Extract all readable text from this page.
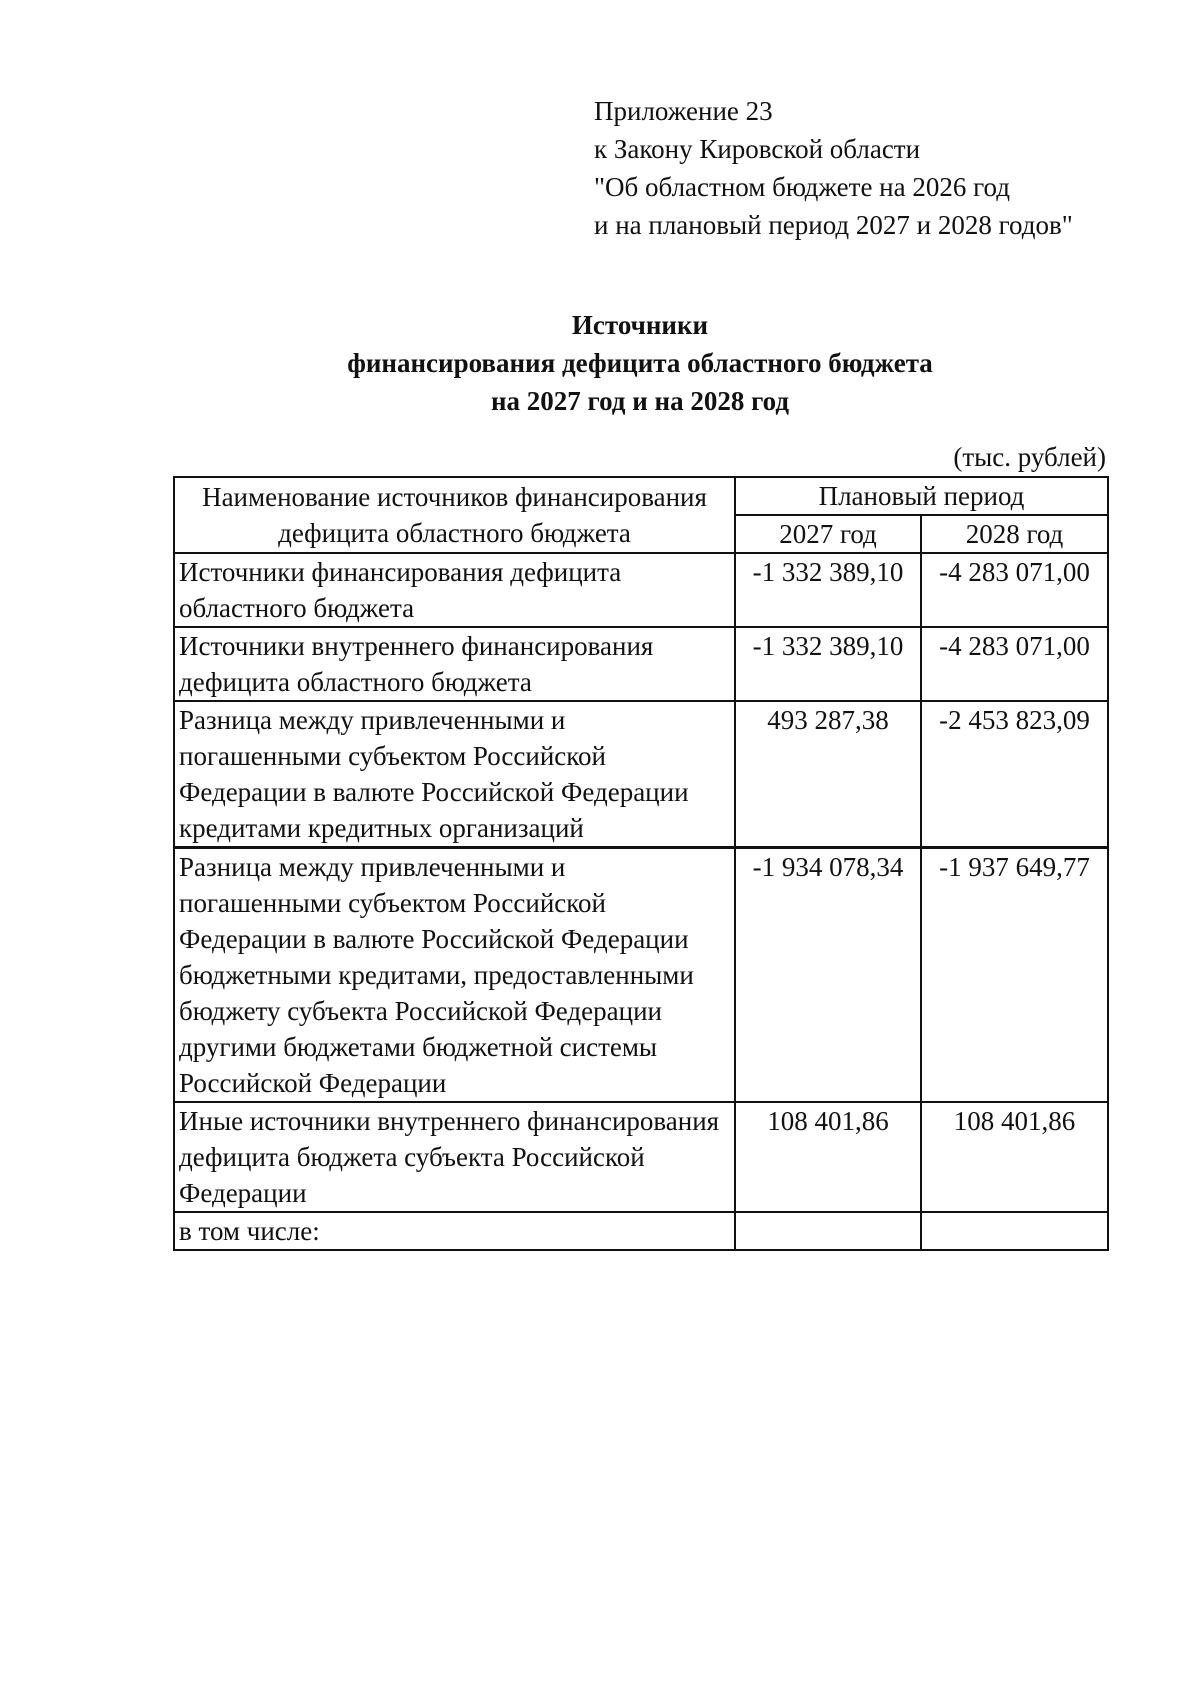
Приложение 23
к Закону Кировской области
"Об областном бюджете на 2026 год
и на плановый период 2027 и 2028 годов"
Источники
финансирования дефицита областного бюджета
на 2027 год и на 2028 год
(тыс. рублей)
Наименование источников финансирования дефицита областного бюджета	Плановый период	
	2027 год	2028 год
Источники финансирования дефицита областного бюджета	-1 332 389,10	-4 283 071,00
Источники внутреннего финансирования дефицита областного бюджета	-1 332 389,10	-4 283 071,00
Разница между привлеченными и погашенными субъектом Российской Федерации в валюте Российской Федерации кредитами кредитных организаций	493 287,38	-2 453 823,09
Разница между привлеченными и погашенными субъектом Российской Федерации в валюте Российской Федерации бюджетными кредитами, предоставленными бюджету субъекта Российской Федерации другими бюджетами бюджетной системы Российской Федерации	-1 934 078,34	-1 937 649,77
Иные источники внутреннего финансирования дефицита бюджета субъекта Российской Федерации	108 401,86	108 401,86
в том числе:		
